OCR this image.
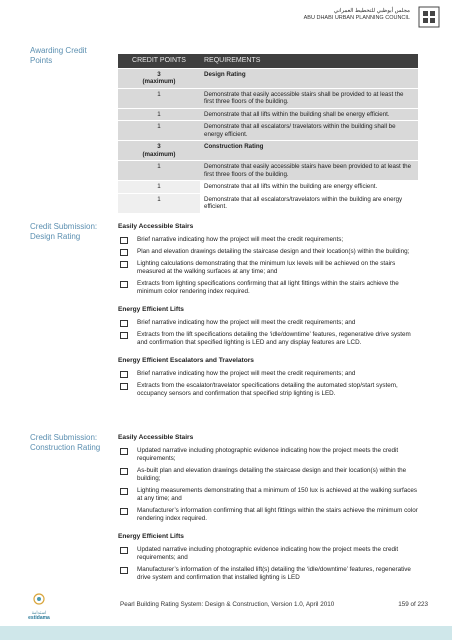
مجلس أبوظبي للتخطيط العمراني
ABU DHABI URBAN PLANNING COUNCIL
Awarding Credit Points	CREDIT POINTS	REQUIREMENTS
3
(maximum)	Design Rating
1	Demonstrate that easily accessible stairs shall be provided to at least the first three floors of the building.
1	Demonstrate that all lifts within the building shall be energy efficient.
1	Demonstrate that all escalators/ travelators within the building shall be energy efficient.
3
(maximum)	Construction Rating
1	Demonstrate that easily accessible stairs have been provided to at least the first three floors of the building.
1	Demonstrate that all lifts within the building are energy efficient.
1	Demonstrate that all escalators/travelators within the building are energy efficient.
Credit Submission: Design Rating
Easily Accessible Stairs
Brief narrative indicating how the project will meet the credit requirements;
Plan and elevation drawings detailing the staircase design and their location(s) within the building;
Lighting calculations demonstrating that the minimum lux levels will be achieved on the stairs measured at the walking surfaces at any time; and
Extracts from lighting specifications confirming that all light fittings within the stairs achieve the minimum color rendering index required.
Energy Efficient Lifts
Brief narrative indicating how the project will meet the credit requirements; and
Extracts from the lift specifications detailing the ‘idle/downtime’ features, regenerative drive system and confirmation that specified lighting is LED and any display features are LCD.
Energy Efficient Escalators and Travelators
Brief narrative indicating how the project will meet the credit requirements; and
Extracts from the escalator/travelator specifications detailing the automated stop/start system, occupancy sensors and confirmation that specified strip lighting is LED.
Credit Submission: Construction Rating
Easily Accessible Stairs
Updated narrative including photographic evidence indicating how the project meets the credit requirements;
As-built plan and elevation drawings detailing the staircase design and their location(s) within the building;
Lighting measurements demonstrating that a minimum of 150 lux is achieved at the walking surfaces at any time; and
Manufacturer’s information confirming that all light fittings within the stairs achieve the minimum color rendering index required.
Energy Efficient Lifts
Updated narrative including photographic evidence indicating how the project meets the credit requirements; and
Manufacturer’s information of the installed lift(s) detailing the ‘idle/downtime’ features, regenerative drive system and confirmation that installed lighting is LED
استدامة
estidama
Pearl Building Rating System: Design & Construction, Version 1.0, April 2010	159 of 223
